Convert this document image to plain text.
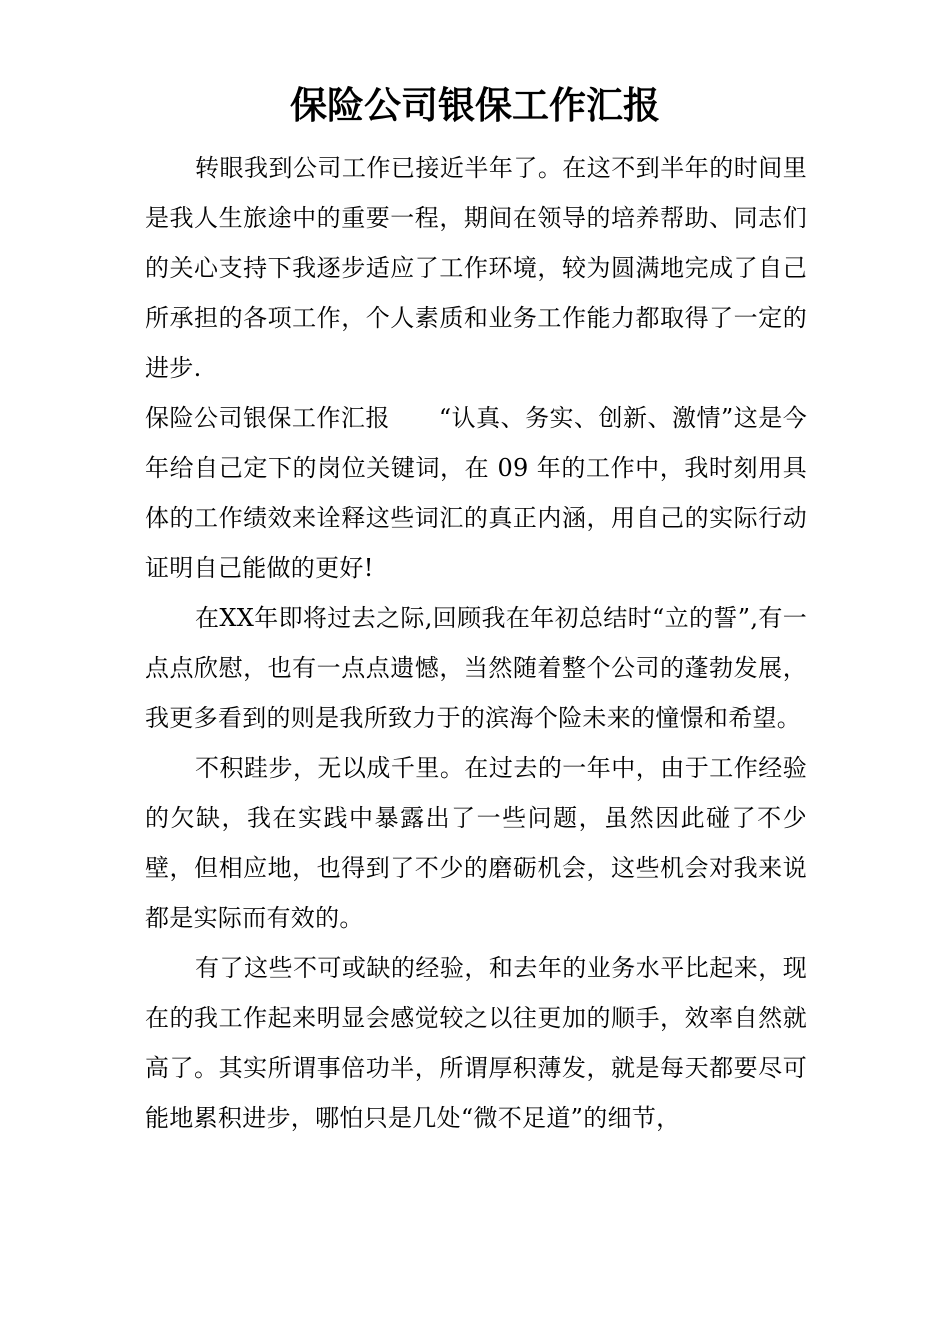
保险公司银保工作汇报

转眼我到公司工作已接近半年了。在这不到半年的时间里是我人生旅途中的重要一程，期间在领导的培养帮助、同志们的关心支持下我逐步适应了工作环境，较为圆满地完成了自己所承担的各项工作，个人素质和业务工作能力都取得了一定的进步.

保险公司银保工作汇报　　“认真、务实、创新、激情”这是今年给自己定下的岗位关键词，在 09 年的工作中，我时刻用具体的工作绩效来诠释这些词汇的真正内涵，用自己的实际行动证明自己能做的更好!

在XX年即将过去之际,回顾我在年初总结时“立的誓”,有一点点欣慰，也有一点点遗憾，当然随着整个公司的蓬勃发展，我更多看到的则是我所致力于的滨海个险未来的憧憬和希望。

不积跬步，无以成千里。在过去的一年中，由于工作经验的欠缺，我在实践中暴露出了一些问题，虽然因此碰了不少壁，但相应地，也得到了不少的磨砺机会，这些机会对我来说都是实际而有效的。

有了这些不可或缺的经验，和去年的业务水平比起来，现在的我工作起来明显会感觉较之以往更加的顺手，效率自然就高了。其实所谓事倍功半，所谓厚积薄发，就是每天都要尽可能地累积进步，哪怕只是几处“微不足道”的细节，
